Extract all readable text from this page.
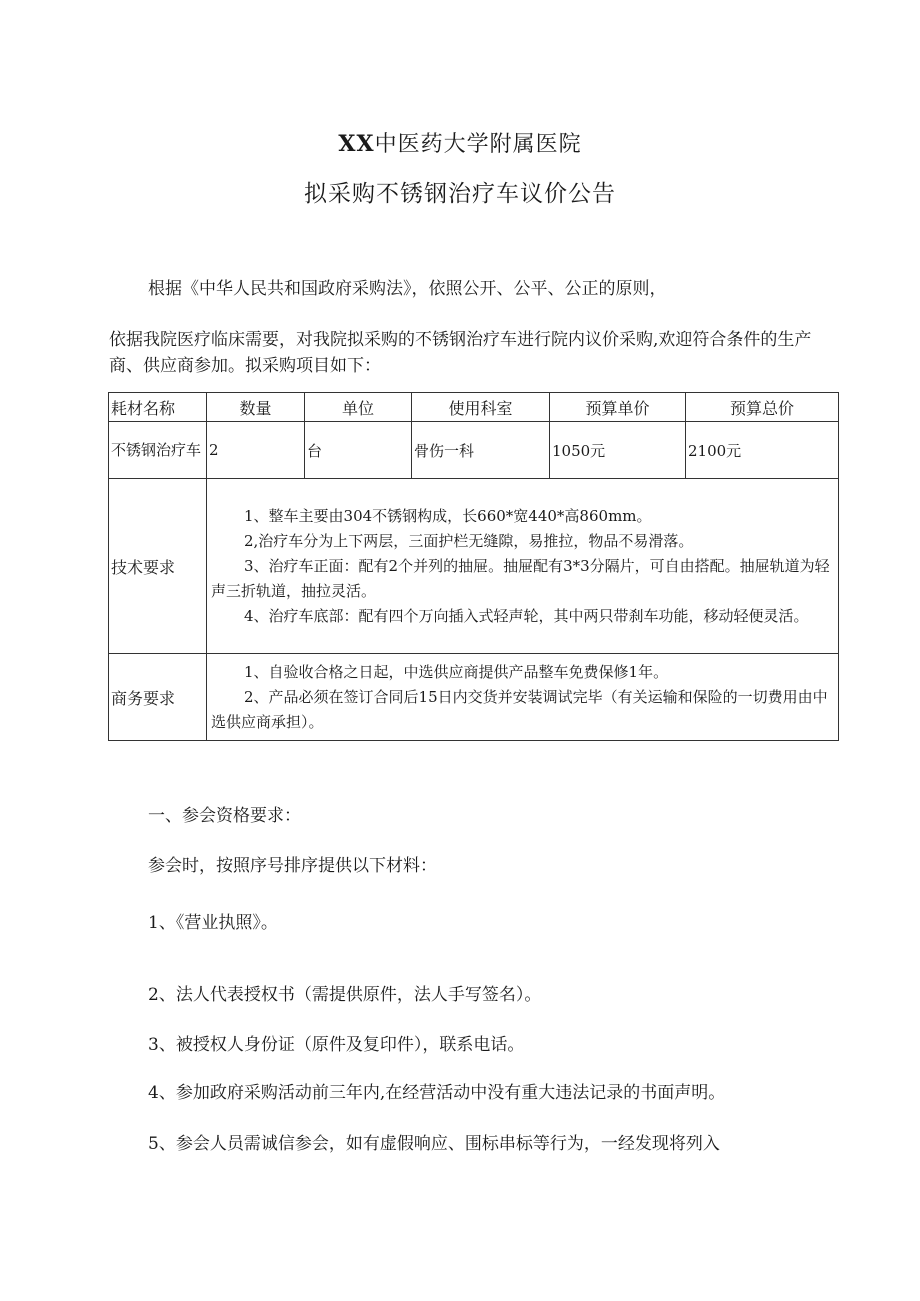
XX中医药大学附属医院
拟采购不锈钢治疗车议价公告

根据《中华人民共和国政府采购法》，依照公开、公平、公正的原则，

依据我院医疗临床需要，对我院拟采购的不锈钢治疗车进行院内议价采购,欢迎符合条件的生产商、供应商参加。拟采购项目如下：

耗材名称	数量	单位	使用科室	预算单价	预算总价
不锈钢治疗车	2	台	骨伤一科	1050元	2100元
技术要求	1、整车主要由304不锈钢构成，长660*宽440*高860mm。

2,治疗车分为上下两层，三面护栏无缝隙，易推拉，物品不易滑落。

3、治疗车正面：配有2个并列的抽屉。抽屉配有3*3分隔片，可自由搭配。抽屉轨道为轻声三折轨道，抽拉灵活。

4、治疗车底部：配有四个万向插入式轻声轮，其中两只带刹车功能，移动轻便灵活。				

商务要求	1、自验收合格之日起，中选供应商提供产品整车免费保修1年。

2、产品必须在签订合同后15日内交货并安装调试完毕（有关运输和保险的一切费用由中选供应商承担）。				

一、参会资格要求：

参会时，按照序号排序提供以下材料：

1、《营业执照》。

2、法人代表授权书（需提供原件，法人手写签名）。

3、被授权人身份证（原件及复印件），联系电话。

4、参加政府采购活动前三年内,在经营活动中没有重大违法记录的书面声明。

5、参会人员需诚信参会，如有虚假响应、围标串标等行为，一经发现将列入
